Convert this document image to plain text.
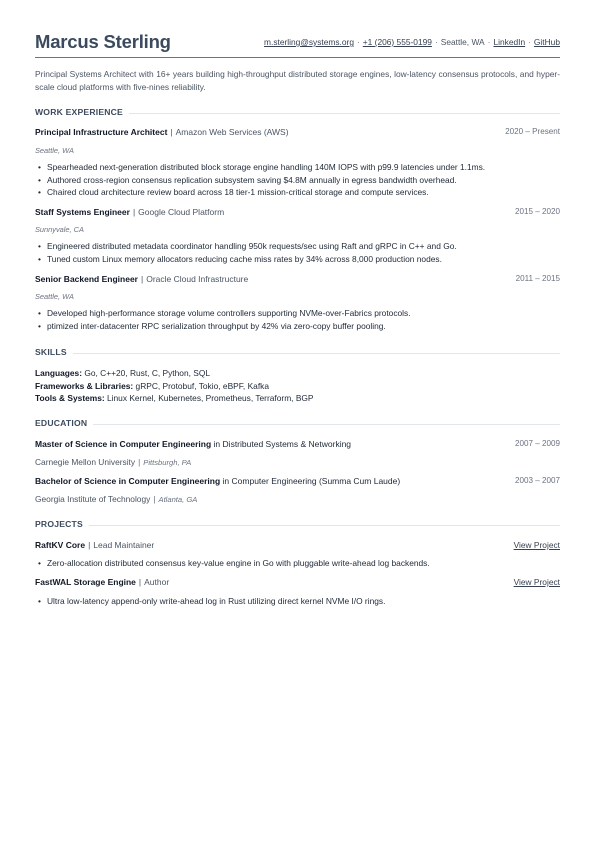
Marcus Sterling	m.sterling@systems.org · +1 (206) 555-0199 · Seattle, WA · LinkedIn · GitHub

Principal Systems Architect with 16+ years building high-throughput distributed storage engines, low-latency consensus protocols, and hyper-scale cloud platforms with five-nines reliability.

WORK EXPERIENCE
Principal Infrastructure Architect | Amazon Web Services (AWS)	2020 – Present
Seattle, WA
• Spearheaded next-generation distributed block storage engine handling 140M IOPS with p99.9 latencies under 1.1ms.
• Authored cross-region consensus replication subsystem saving $4.8M annually in egress bandwidth overhead.
• Chaired cloud architecture review board across 18 tier-1 mission-critical storage and compute services.
Staff Systems Engineer | Google Cloud Platform	2015 – 2020
Sunnyvale, CA
• Engineered distributed metadata coordinator handling 950k requests/sec using Raft and gRPC in C++ and Go.
• Tuned custom Linux memory allocators reducing cache miss rates by 34% across 8,000 production nodes.
Senior Backend Engineer | Oracle Cloud Infrastructure	2011 – 2015
Seattle, WA
• Developed high-performance storage volume controllers supporting NVMe-over-Fabrics protocols.
• ptimized inter-datacenter RPC serialization throughput by 42% via zero-copy buffer pooling.
SKILLS
Languages: Go, C++20, Rust, C, Python, SQL
Frameworks & Libraries: gRPC, Protobuf, Tokio, eBPF, Kafka
Tools & Systems: Linux Kernel, Kubernetes, Prometheus, Terraform, BGP
EDUCATION
Master of Science in Computer Engineering in Distributed Systems & Networking	2007 – 2009
Carnegie Mellon University | Pittsburgh, PA
Bachelor of Science in Computer Engineering in Computer Engineering (Summa Cum Laude)	2003 – 2007
Georgia Institute of Technology | Atlanta, GA
PROJECTS
RaftKV Core | Lead Maintainer	View Project
• Zero-allocation distributed consensus key-value engine in Go with pluggable write-ahead log backends.
FastWAL Storage Engine | Author	View Project
• Ultra low-latency append-only write-ahead log in Rust utilizing direct kernel NVMe I/O rings.
